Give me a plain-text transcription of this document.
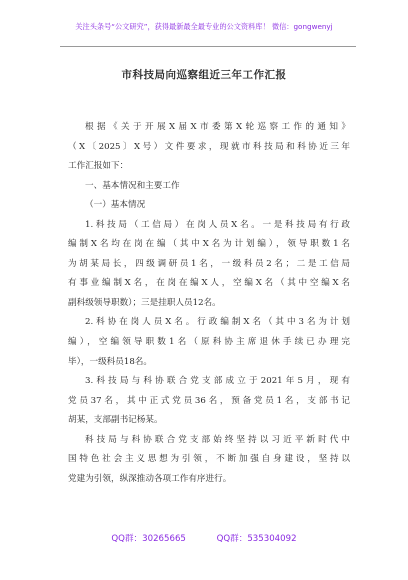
关注头条号“公文研究”，获得最新最全最专业的公文资料库！ 微信：gongwenyj
市科技局向巡察组近三年工作汇报
根据《关于开展X届X市委第X轮巡察工作的通知》
（X〔2025〕X号）文件要求，现就市科技局和科协近三年
工作汇报如下：
一、基本情况和主要工作
（一）基本情况
1.科技局（工信局）在岗人员X名。一是科技局有行政
编制X名均在岗在编（其中X名为计划编），领导职数1名
为胡某局长，四级调研员1名，一级科员2名；二是工信局
有事业编制X名，在岗在编X人，空编X名（其中空编X名
副科级领导职数）；三是挂职人员12名。
2.科协在岗人员X名。行政编制X名（其中3名为计划
编），空编领导职数1名（原科协主席退休手续已办理完
毕），一级科员18名。
3.科技局与科协联合党支部成立于2021年5月，现有
党员37名，其中正式党员36名，预备党员1名，支部书记
胡某，支部副书记杨某。
科技局与科协联合党支部始终坚持以习近平新时代中
国特色社会主义思想为引领，不断加强自身建设，坚持以
党建为引领，纵深推动各项工作有序进行。
QQ群：30265665	QQ群：535304092
